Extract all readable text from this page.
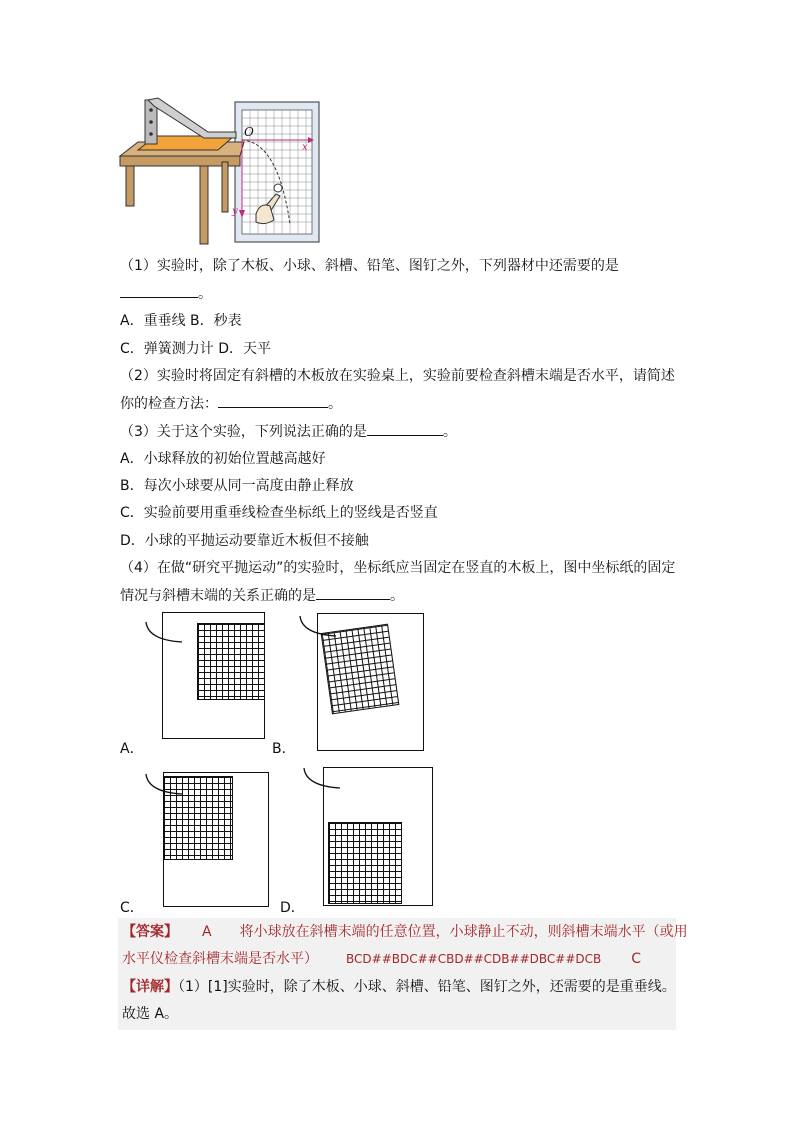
O
x
y
（1）实验时，除了木板、小球、斜槽、铅笔、图钉之外，下列器材中还需要的是
。
A．重垂线 B．秒表
C．弹簧测力计 D．天平
（2）实验时将固定有斜槽的木板放在实验桌上，实验前要检查斜槽末端是否水平，请简述
你的检查方法：	。
（3）关于这个实验，下列说法正确的是	。
A．小球释放的初始位置越高越好
B．每次小球要从同一高度由静止释放
C．实验前要用重垂线检查坐标纸上的竖线是否竖直
D．小球的平抛运动要靠近木板但不接触
（4）在做“研究平抛运动”的实验时，坐标纸应当固定在竖直的木板上，图中坐标纸的固定
情况与斜槽末端的关系正确的是	。
A．	B．
C．	D．
【答案】 A 将小球放在斜槽末端的任意位置，小球静止不动，则斜槽末端水平（或用
水平仪检查斜槽末端是否水平） BCD##BDC##CBD##CDB##DBC##DCB C
【详解】（1）[1]实验时，除了木板、小球、斜槽、铅笔、图钉之外，还需要的是重垂线。
故选 A。
